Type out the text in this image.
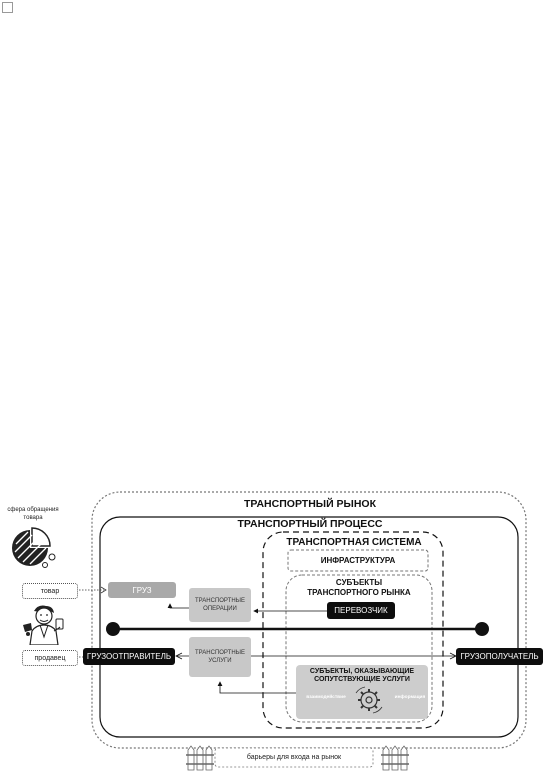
ТРАНСПОРТНЫЙ РЫНОК
ТРАНСПОРТНЫЙ ПРОЦЕСС
ТРАНСПОРТНАЯ СИСТЕМА
ИНФРАСТРУКТУРА
СУБЪЕКТЫ
ТРАНСПОРТНОГО РЫНКА
ПЕРЕВОЗЧИК
ГРУЗ
ТРАНСПОРТНЫЕ
ОПЕРАЦИИ
ТРАНСПОРТНЫЕ
УСЛУГИ
ГРУЗООТПРАВИТЕЛЬ	ГРУЗОПОЛУЧАТЕЛЬ
СУБЪЕКТЫ, ОКАЗЫВАЮЩИЕ
СОПУТСТВУЮЩИЕ УСЛУГИ
взаимодействие	информация
сфера обращения
товара
товар
продавец
барьеры для входа на рынок
